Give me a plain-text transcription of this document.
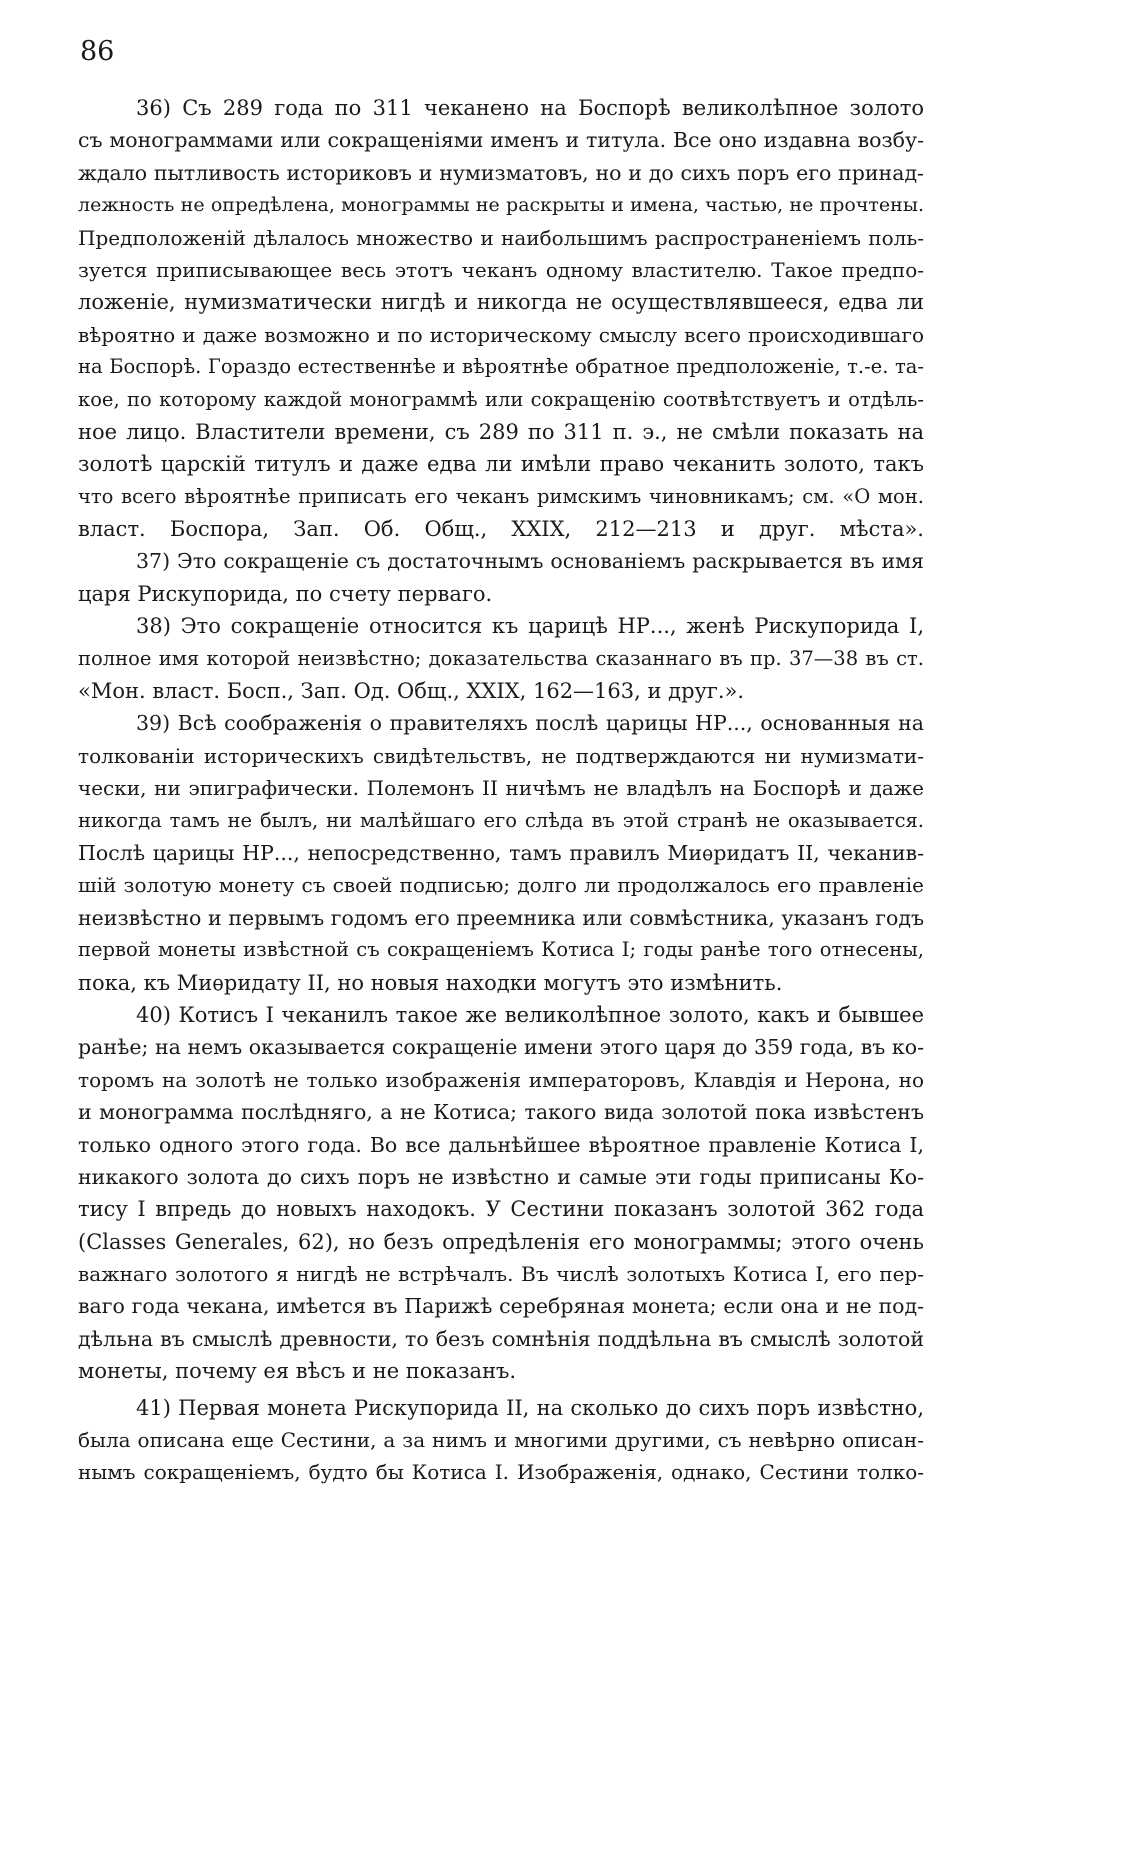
86
36) Съ 289 года по 311 чеканено на Боспорѣ великолѣпное золото
съ монограммами или сокращеніями именъ и титула. Все оно издавна возбу-
ждало пытливость историковъ и нумизматовъ, но и до сихъ поръ его принад-
лежность не опредѣлена, монограммы не раскрыты и имена, частью, не прочтены.
Предположеній дѣлалось множество и наибольшимъ распространеніемъ поль-
зуется приписывающее весь этотъ чеканъ одному властителю. Такое предпо-
ложеніе, нумизматически нигдѣ и никогда не осуществлявшееся, едва ли
вѣроятно и даже возможно и по историческому смыслу всего происходившаго
на Боспорѣ. Гораздо естественнѣе и вѣроятнѣе обратное предположеніе, т.-е. та-
кое, по которому каждой монограммѣ или сокращенію соотвѣтствуетъ и отдѣль-
ное лицо. Властители времени, съ 289 по 311 п. э., не смѣли показать на
золотѣ царскій титулъ и даже едва ли имѣли право чеканить золото, такъ
что всего вѣроятнѣе приписать его чеканъ римскимъ чиновникамъ; см. «О мон.
власт. Боспора, Зап. Об. Общ., XXIX, 212—213 и друг. мѣста».
37) Это сокращеніе съ достаточнымъ основаніемъ раскрывается въ имя
царя Рискупорида, по счету перваго.
38) Это сокращеніе относится къ царицѣ НР..., женѣ Рискупорида I,
полное имя которой неизвѣстно; доказательства сказаннаго въ пр. 37—38 въ ст.
«Мон. власт. Босп., Зап. Од. Общ., XXIX, 162—163, и друг.».
39) Всѣ соображенія о правителяхъ послѣ царицы НР..., основанныя на
толкованіи историческихъ свидѣтельствъ, не подтверждаются ни нумизмати-
чески, ни эпиграфически. Полемонъ II ничѣмъ не владѣлъ на Боспорѣ и даже
никогда тамъ не былъ, ни малѣйшаго его слѣда въ этой странѣ не оказывается.
Послѣ царицы НР..., непосредственно, тамъ правилъ Миѳридатъ II, чеканив-
шій золотую монету съ своей подписью; долго ли продолжалось его правленіе
неизвѣстно и первымъ годомъ его преемника или совмѣстника, указанъ годъ
первой монеты извѣстной съ сокращеніемъ Котиса I; годы ранѣе того отнесены,
пока, къ Миѳридату II, но новыя находки могутъ это измѣнить.
40) Котисъ I чеканилъ такое же великолѣпное золото, какъ и бывшее
ранѣе; на немъ оказывается сокращеніе имени этого царя до 359 года, въ ко-
торомъ на золотѣ не только изображенія императоровъ, Клавдія и Нерона, но
и монограмма послѣдняго, а не Котиса; такого вида золотой пока извѣстенъ
только одного этого года. Во все дальнѣйшее вѣроятное правленіе Котиса I,
никакого золота до сихъ поръ не извѣстно и самые эти годы приписаны Ко-
тису I впредь до новыхъ находокъ. У Сестини показанъ золотой 362 года
(Classes Generales, 62), но безъ опредѣленія его монограммы; этого очень
важнаго золотого я нигдѣ не встрѣчалъ. Въ числѣ золотыхъ Котиса I, его пер-
ваго года чекана, имѣется въ Парижѣ серебряная монета; если она и не под-
дѣльна въ смыслѣ древности, то безъ сомнѣнія поддѣльна въ смыслѣ золотой
монеты, почему ея вѣсъ и не показанъ.
41) Первая монета Рискупорида II, на сколько до сихъ поръ извѣстно,
была описана еще Сестини, а за нимъ и многими другими, съ невѣрно описан-
нымъ сокращеніемъ, будто бы Котиса I. Изображенія, однако, Сестини толко-
